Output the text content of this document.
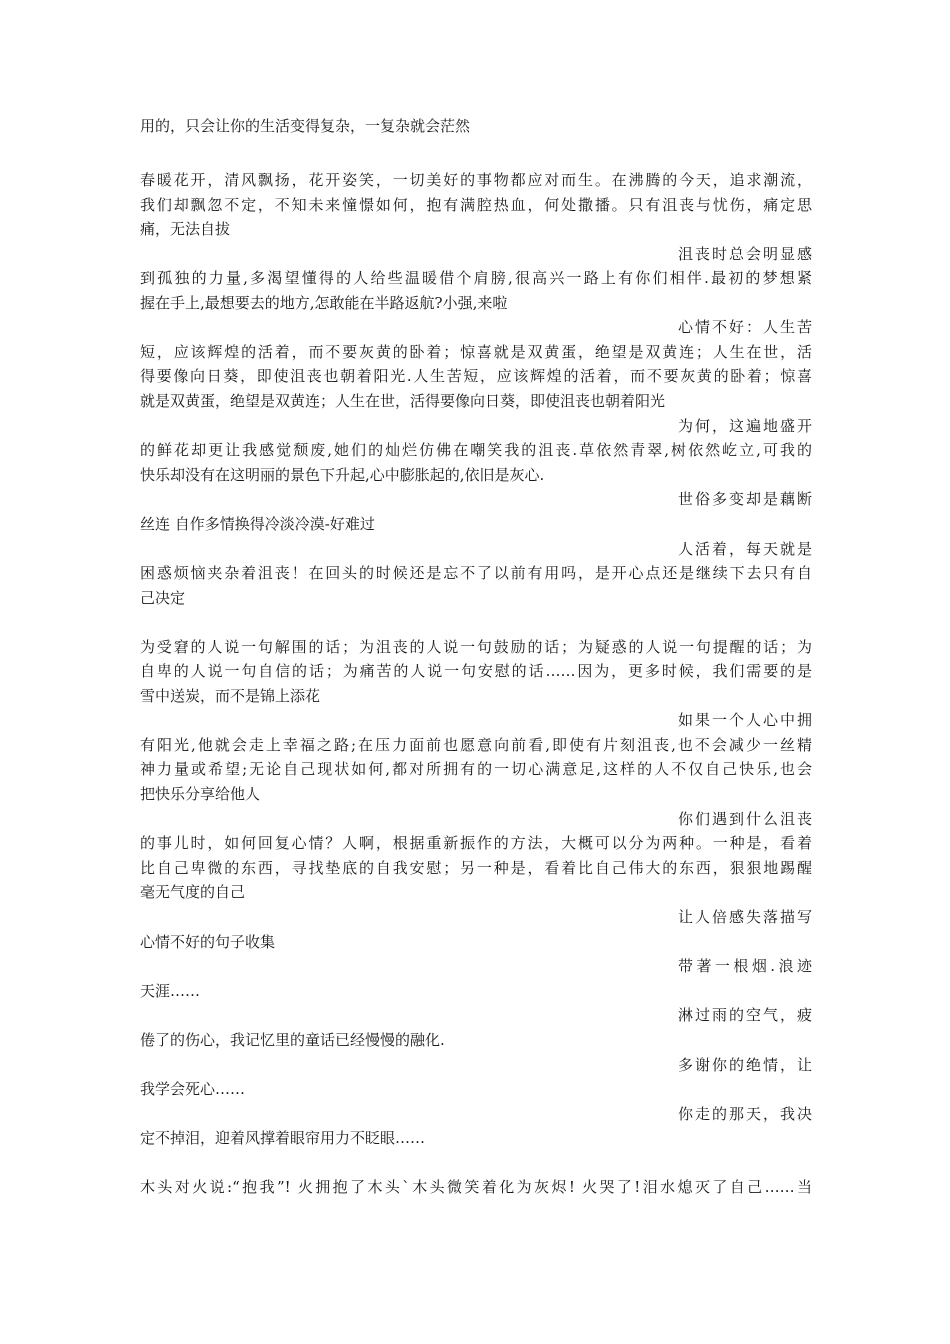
用的，只会让你的生活变得复杂，一复杂就会茫然
春暖花开，清风飘扬，花开姿笑，一切美好的事物都应对而生。在沸腾的今天，追求潮流，
我们却飘忽不定，不知未来憧憬如何，抱有满腔热血，何处撒播。只有沮丧与忧伤，痛定思
痛，无法自拔
沮丧时总会明显感
到孤独的力量,多渴望懂得的人给些温暖借个肩膀,很高兴一路上有你们相伴.最初的梦想紧
握在手上,最想要去的地方,怎敢能在半路返航?小强,来啦
心情不好：人生苦
短，应该辉煌的活着，而不要灰黄的卧着；惊喜就是双黄蛋，绝望是双黄连；人生在世，活
得要像向日葵，即使沮丧也朝着阳光.人生苦短，应该辉煌的活着，而不要灰黄的卧着；惊喜
就是双黄蛋，绝望是双黄连；人生在世，活得要像向日葵，即使沮丧也朝着阳光
为何，这遍地盛开
的鲜花却更让我感觉颓废,她们的灿烂仿佛在嘲笑我的沮丧.草依然青翠,树依然屹立,可我的
快乐却没有在这明丽的景色下升起,心中膨胀起的,依旧是灰心.
世俗多变却是藕断
丝连 自作多情换得冷淡冷漠-好难过
人活着，每天就是
困惑烦恼夹杂着沮丧！在回头的时候还是忘不了以前有用吗，是开心点还是继续下去只有自
己决定
为受窘的人说一句解围的话；为沮丧的人说一句鼓励的话；为疑惑的人说一句提醒的话；为
自卑的人说一句自信的话；为痛苦的人说一句安慰的话……因为，更多时候，我们需要的是
雪中送炭，而不是锦上添花
如果一个人心中拥
有阳光,他就会走上幸福之路;在压力面前也愿意向前看,即使有片刻沮丧,也不会减少一丝精
神力量或希望;无论自己现状如何,都对所拥有的一切心满意足,这样的人不仅自己快乐,也会
把快乐分享给他人
你们遇到什么沮丧
的事儿时，如何回复心情？人啊，根据重新振作的方法，大概可以分为两种。一种是，看着
比自己卑微的东西，寻找垫底的自我安慰；另一种是，看着比自己伟大的东西，狠狠地踢醒
毫无气度的自己
让人倍感失落描写
心情不好的句子收集
带著一根烟.浪迹
天涯……
淋过雨的空气，疲
倦了的伤心，我记忆里的童话已经慢慢的融化.
多谢你的绝情，让
我学会死心……
你走的那天，我决
定不掉泪，迎着风撑着眼帘用力不眨眼……
木头对火说:“抱我”! 火拥抱了木头`木头微笑着化为灰烬! 火哭了!泪水熄灭了自己……当
